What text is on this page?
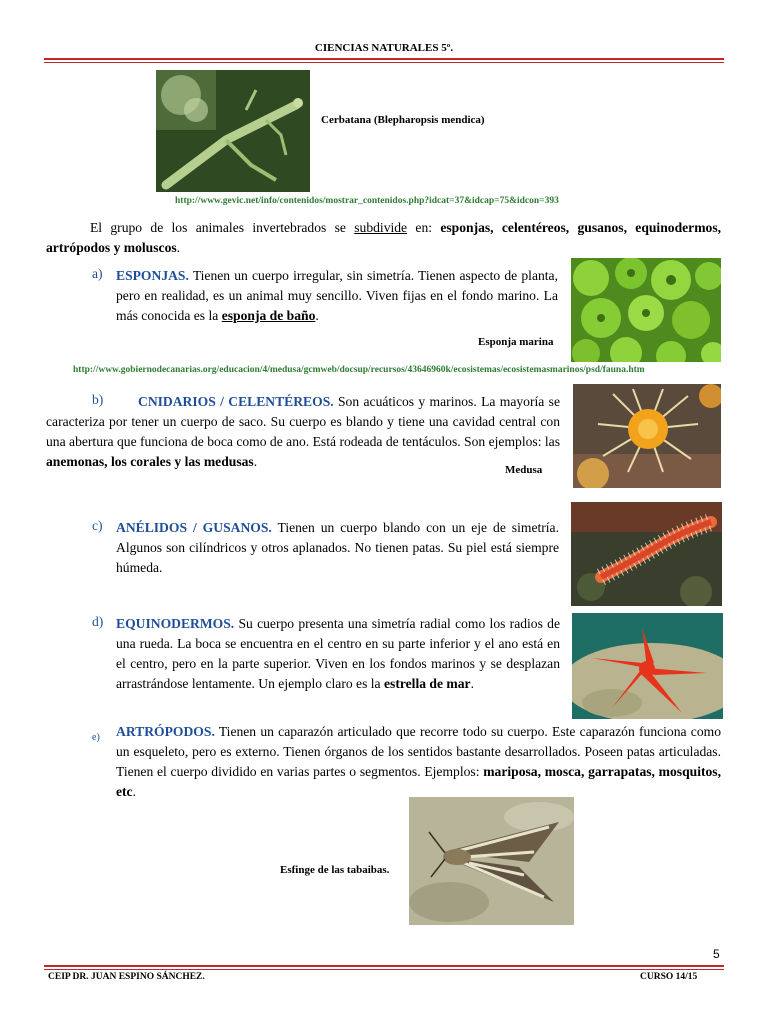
CIENCIAS NATURALES 5º.
Cerbatana (Blepharopsis mendica)
http://www.gevic.net/info/contenidos/mostrar_contenidos.php?idcat=37&idcap=75&idcon=393
El grupo de los animales invertebrados se subdivide en: esponjas, celentéreos, gusanos, equinodermos, artrópodos y moluscos.
a) ESPONJAS. Tienen un cuerpo irregular, sin simetría. Tienen aspecto de planta, pero en realidad, es un animal muy sencillo. Viven fijas en el fondo marino. La más conocida es la esponja de baño.
Esponja marina
http://www.gobiernodecanarias.org/educacion/4/medusa/gcmweb/docsup/recursos/43646960k/ecosistemas/ecosistemasmarinos/psd/fauna.htm
b)	CNIDARIOS / CELENTÉREOS. Son acuáticos y marinos. La mayoría se caracteriza por tener un cuerpo de saco. Su cuerpo es blando y tiene una cavidad central con una abertura que funciona de boca como de ano. Está rodeada de tentáculos. Son ejemplos: las anemonas, los corales y las medusas.
Medusa
c) ANÉLIDOS / GUSANOS. Tienen un cuerpo blando con un eje de simetría. Algunos son cilíndricos y otros aplanados. No tienen patas. Su piel está siempre húmeda.
d) EQUINODERMOS. Su cuerpo presenta una simetría radial como los radios de una rueda. La boca se encuentra en el centro en su parte inferior y el ano está en el centro, pero en la parte superior. Viven en los fondos marinos y se desplazan arrastrándose lentamente. Un ejemplo claro es la estrella de mar.
e) ARTRÓPODOS. Tienen un caparazón articulado que recorre todo su cuerpo. Este caparazón funciona como un esqueleto, pero es externo. Tienen órganos de los sentidos bastante desarrollados. Poseen patas articuladas. Tienen el cuerpo dividido en varias partes o segmentos. Ejemplos: mariposa, mosca, garrapatas, mosquitos, etc.
Esfinge de las tabaibas.
5
CEIP DR. JUAN ESPINO SÁNCHEZ.	CURSO 14/15
